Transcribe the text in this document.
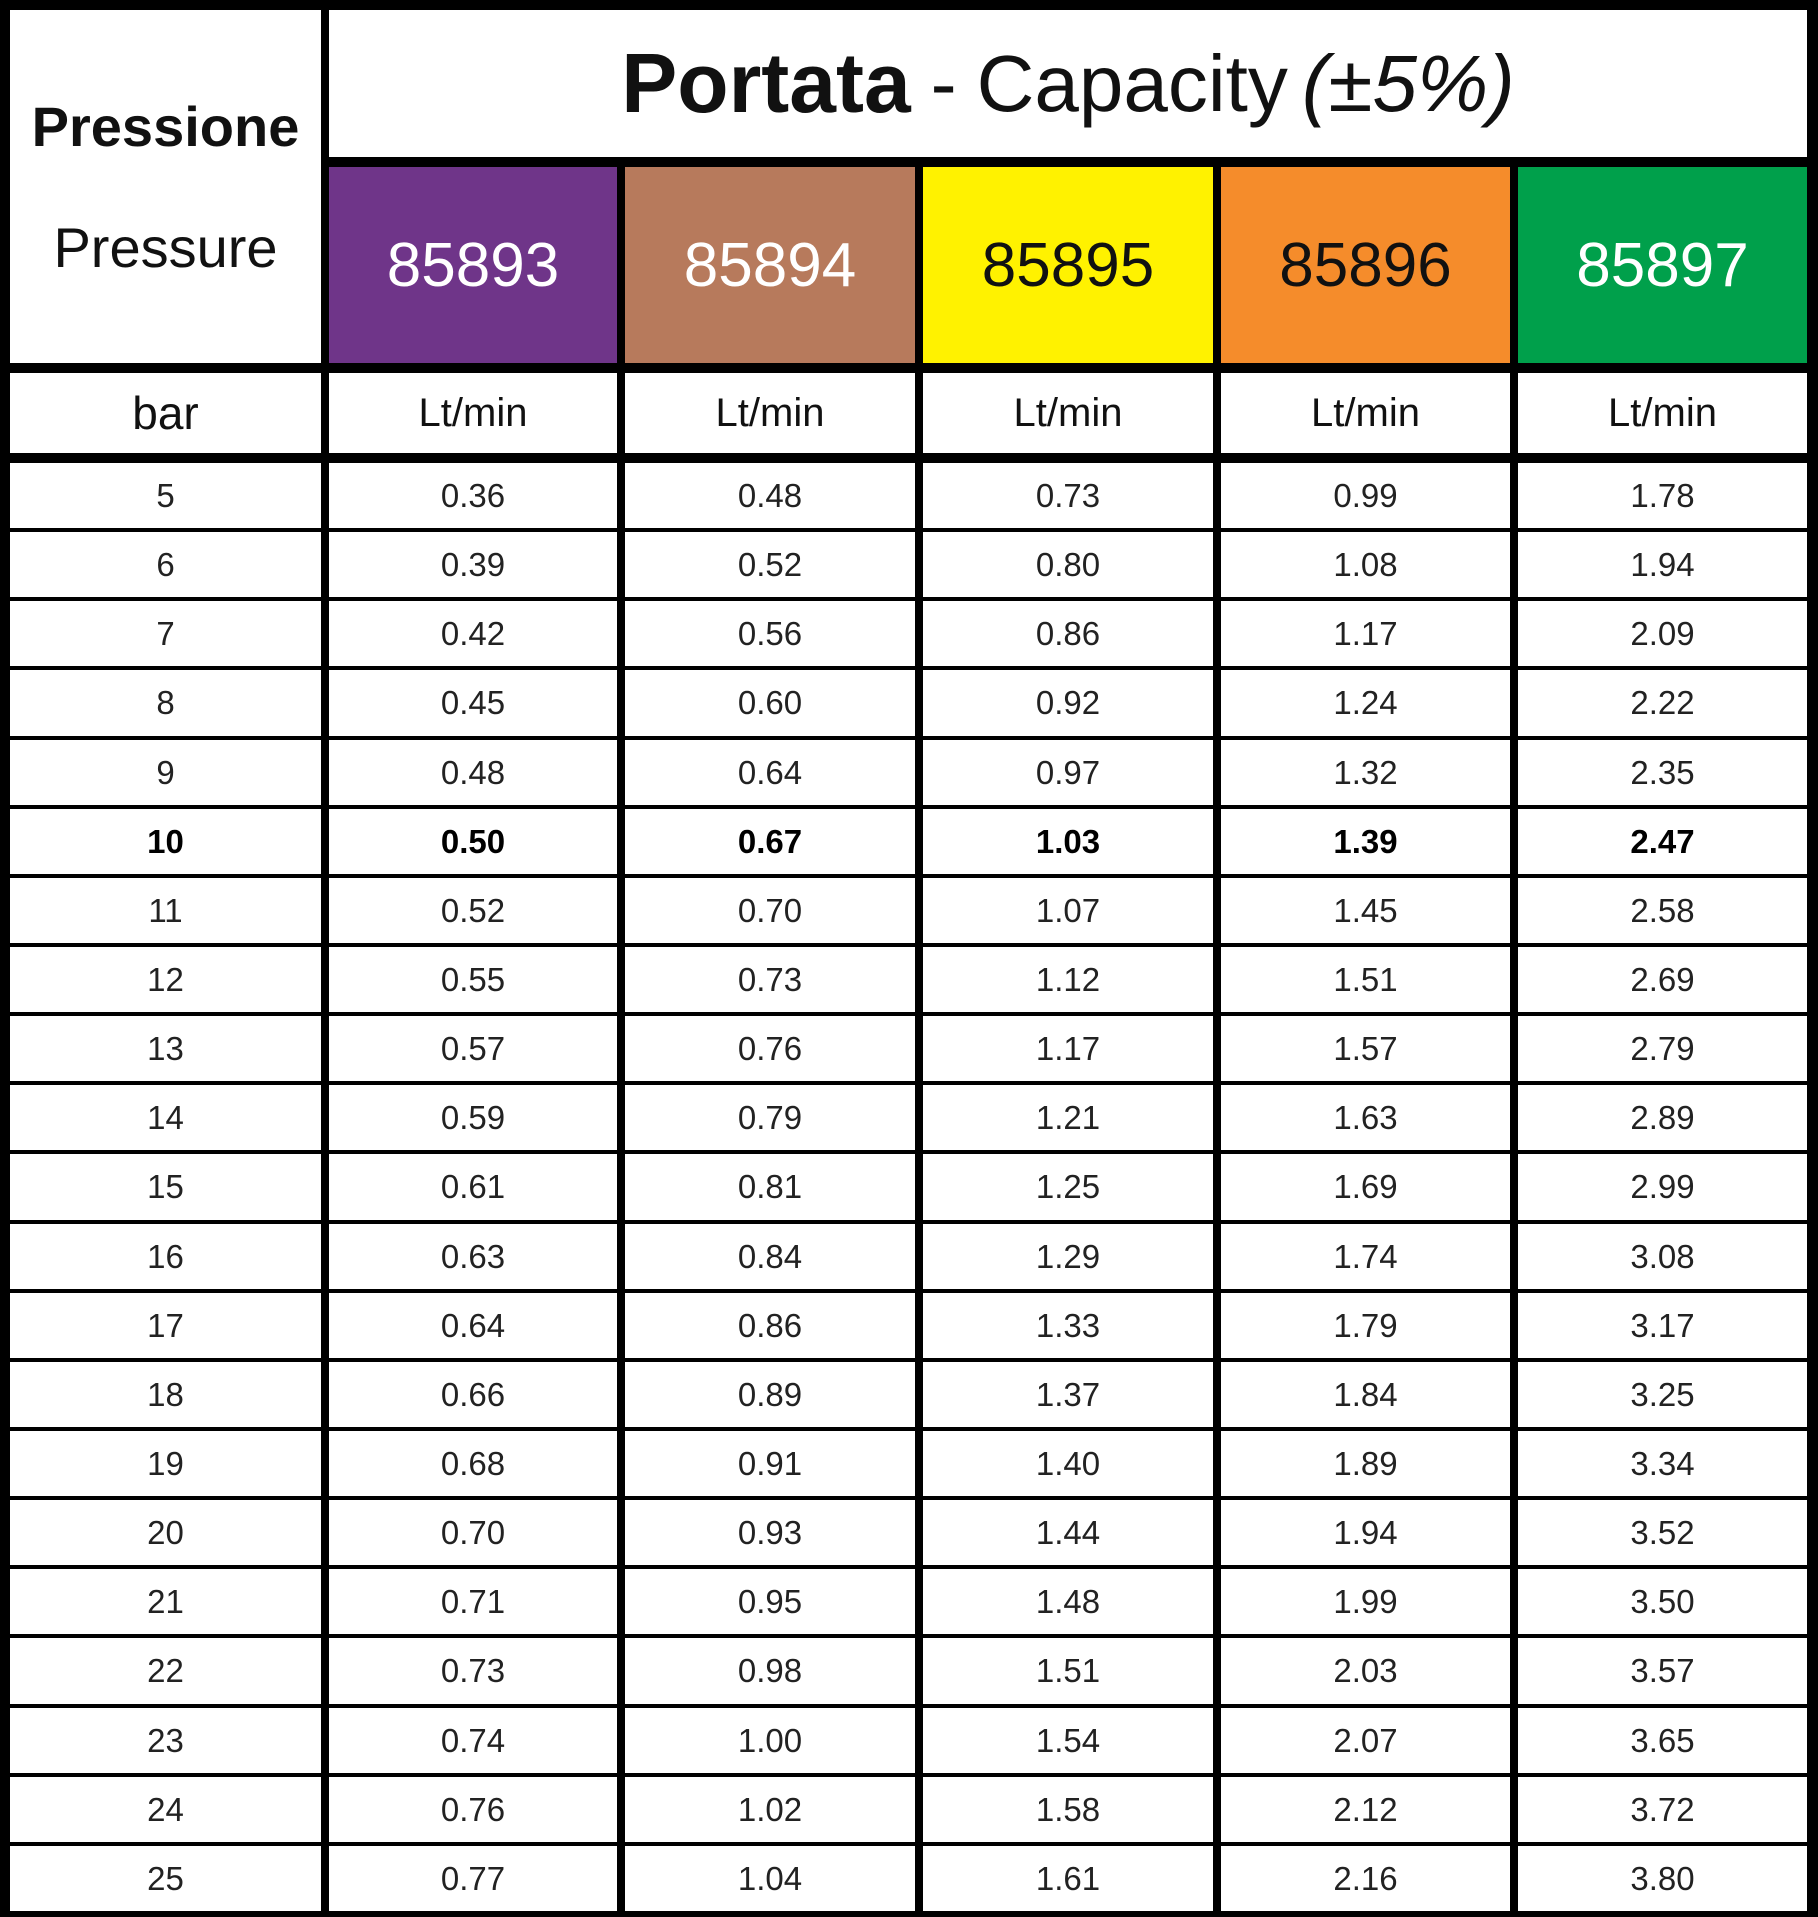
Pressione
Pressure
Portata - Capacity (±5%)
85893	85894	85895	85896	85897
bar	Lt/min	Lt/min	Lt/min	Lt/min	Lt/min
5	0.36	0.48	0.73	0.99	1.78
6	0.39	0.52	0.80	1.08	1.94
7	0.42	0.56	0.86	1.17	2.09
8	0.45	0.60	0.92	1.24	2.22
9	0.48	0.64	0.97	1.32	2.35
10	0.50	0.67	1.03	1.39	2.47
11	0.52	0.70	1.07	1.45	2.58
12	0.55	0.73	1.12	1.51	2.69
13	0.57	0.76	1.17	1.57	2.79
14	0.59	0.79	1.21	1.63	2.89
15	0.61	0.81	1.25	1.69	2.99
16	0.63	0.84	1.29	1.74	3.08
17	0.64	0.86	1.33	1.79	3.17
18	0.66	0.89	1.37	1.84	3.25
19	0.68	0.91	1.40	1.89	3.34
20	0.70	0.93	1.44	1.94	3.52
21	0.71	0.95	1.48	1.99	3.50
22	0.73	0.98	1.51	2.03	3.57
23	0.74	1.00	1.54	2.07	3.65
24	0.76	1.02	1.58	2.12	3.72
25	0.77	1.04	1.61	2.16	3.80
